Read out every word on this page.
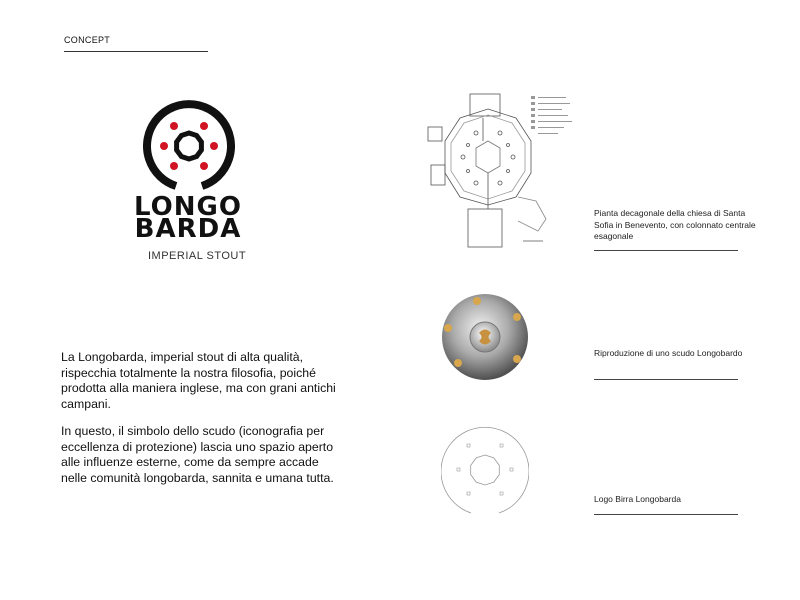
CONCEPT
LONGO
BARDA
IMPERIAL STOUT
La Longobarda, imperial stout di alta qualità, rispecchia totalmente la nostra filosofia, poiché prodotta alla maniera inglese, ma con grani antichi campani.
In questo, il simbolo dello scudo (iconografia per eccellenza di protezione) lascia uno spazio aperto alle influenze esterne, come da sempre accade nelle comunità longobarda, sannita e umana tutta.
Pianta decagonale della chiesa di Santa Sofia in Benevento, con colonnato centrale esagonale
Riproduzione di uno scudo Longobardo
Logo Birra Longobarda
